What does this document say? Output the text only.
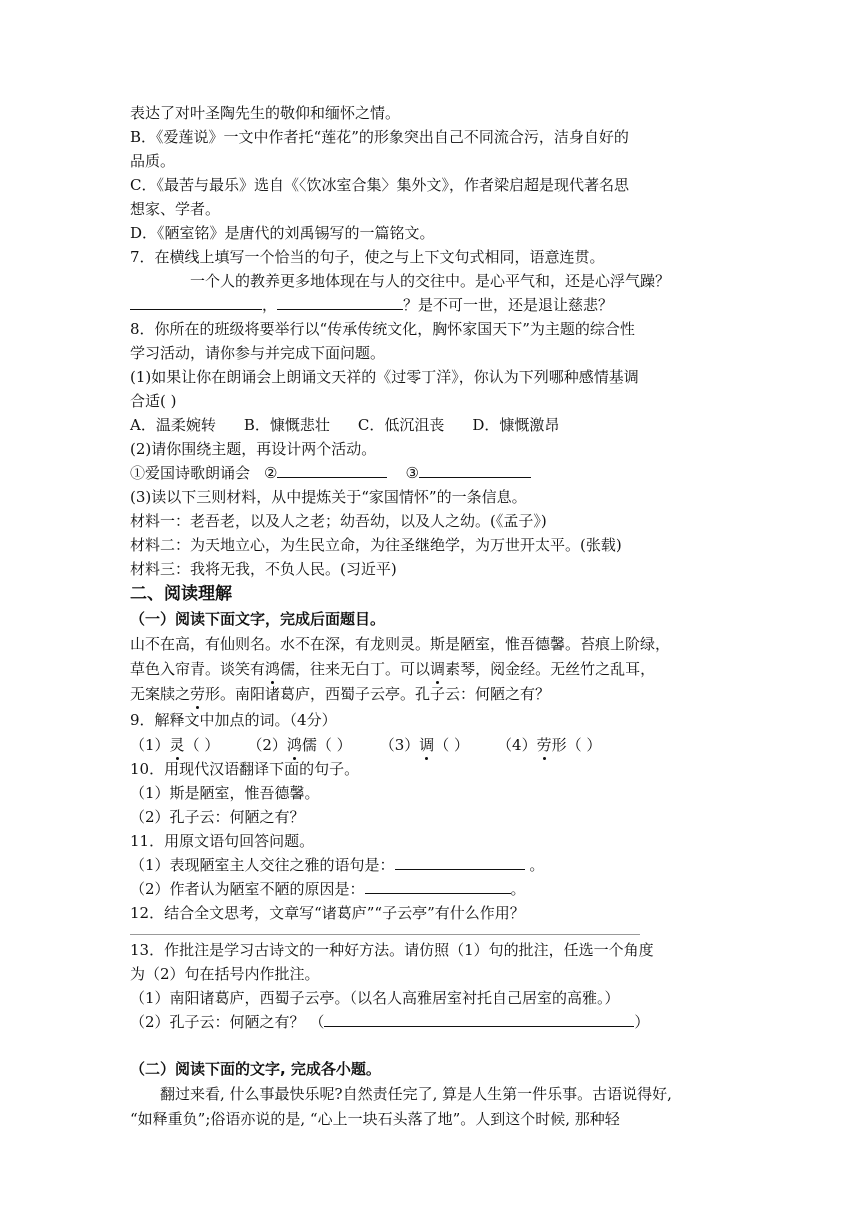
表达了对叶圣陶先生的敬仰和缅怀之情。
B．《爱莲说》一文中作者托“莲花”的形象突出自己不同流合污，洁身自好的
品质。
C．《最苦与最乐》选自《〈饮冰室合集〉集外文》，作者梁启超是现代著名思
想家、学者。
D．《陋室铭》是唐代的刘禹锡写的一篇铭文。
7．在横线上填写一个恰当的句子，使之与上下文句式相同，语意连贯。
一个人的教养更多地体现在与人的交往中。是心平气和，还是心浮气躁？
，	？是不可一世，还是退让慈悲？
8．你所在的班级将要举行以“传承传统文化，胸怀家国天下”为主题的综合性
学习活动，请你参与并完成下面问题。
(1)如果让你在朗诵会上朗诵文天祥的《过零丁洋》，你认为下列哪种感情基调
合适( )
A．温柔婉转 B．慷慨悲壮 C．低沉沮丧 D．慷慨激昂
(2)请你围绕主题，再设计两个活动。
①爱国诗歌朗诵会 ②	③
(3)读以下三则材料，从中提炼关于“家国情怀”的一条信息。
材料一：老吾老，以及人之老；幼吾幼，以及人之幼。(《孟子》)
材料二：为天地立心，为生民立命，为往圣继绝学，为万世开太平。(张载)
材料三：我将无我，不负人民。(习近平)
二、阅读理解
（一）阅读下面文字，完成后面题目。
山不在高，有仙则名。水不在深，有龙则灵。斯是陋室，惟吾德馨。苔痕上阶绿，
草色入帘青。谈笑有鸿儒，往来无白丁。可以调素琴，阅金经。无丝竹之乱耳，
无案牍之劳形。南阳诸葛庐，西蜀子云亭。孔子云：何陋之有？
9．解释文中加点的词。（4分）
（1）灵（ ） （2）鸿儒（ ） （3）调（ ） （4）劳形（ ）
10．用现代汉语翻译下面的句子。
（1）斯是陋室，惟吾德馨。
（2）孔子云：何陋之有？
11．用原文语句回答问题。
（1）表现陋室主人交往之雅的语句是：	。
（2）作者认为陋室不陋的原因是：	。
12．结合全文思考，文章写“诸葛庐”“子云亭”有什么作用？
13．作批注是学习古诗文的一种好方法。请仿照（1）句的批注，任选一个角度
为（2）句在括号内作批注。
（1）南阳诸葛庐，西蜀子云亭。（以名人高雅居室衬托自己居室的高雅。）
（2）孔子云：何陋之有？ （	）
（二）阅读下面的文字, 完成各小题。
翻过来看, 什么事最快乐呢?自然责任完了, 算是人生第一件乐事。古语说得好,
“如释重负”;俗语亦说的是, “心上一块石头落了地”。人到这个时候, 那种轻
